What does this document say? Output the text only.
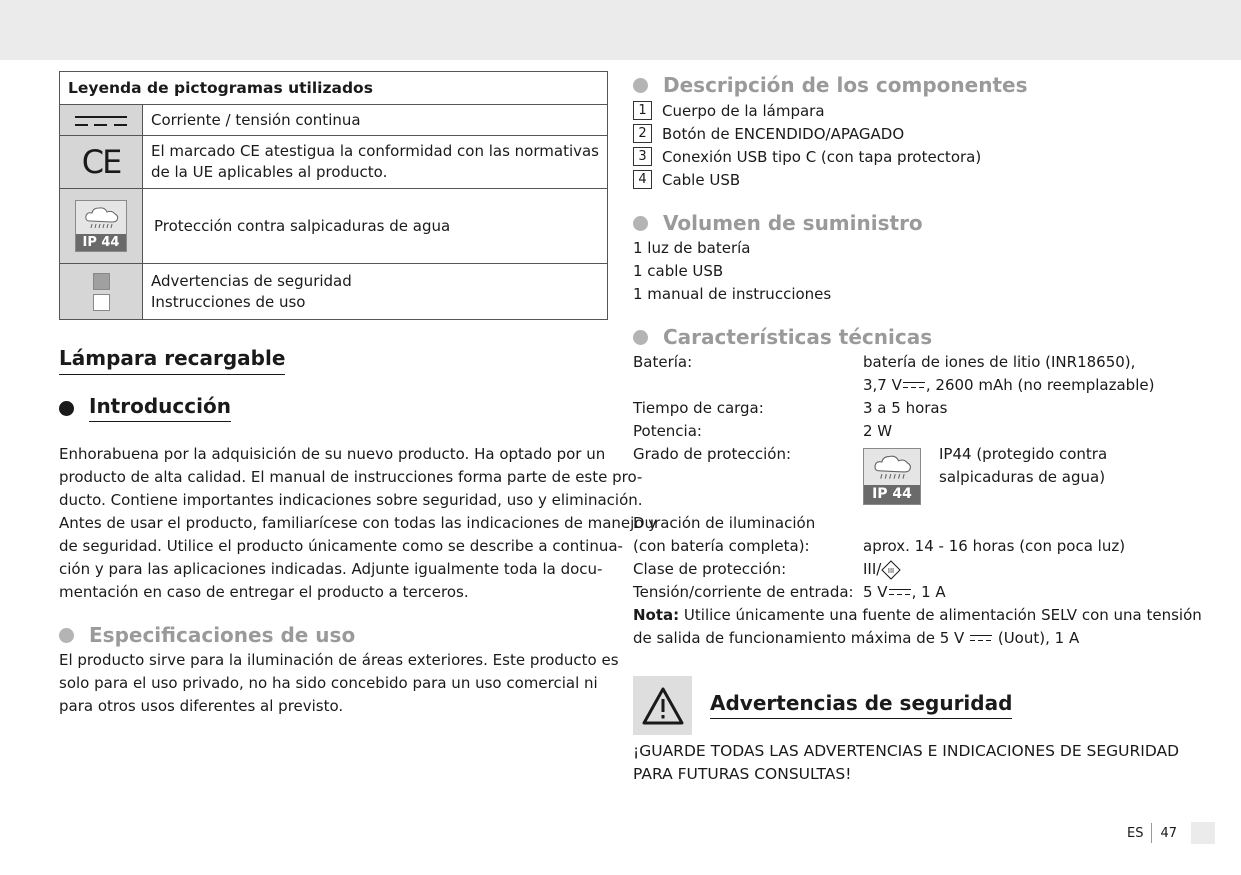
Leyenda de pictogramas utilizados	

	Corriente / tensión continua
CE	El marcado CE atestigua la conformidad con las normativas de la UE aplicables al producto.

IP 44	Protección contra salpicaduras de agua

	Advertencias de seguridad
Instrucciones de uso
Lámpara recargable
Introducción
Enhorabuena por la adquisición de su nuevo producto. Ha optado por un
producto de alta calidad. El manual de instrucciones forma parte de este pro-
ducto. Contiene importantes indicaciones sobre seguridad, uso y eliminación.
Antes de usar el producto, familiarícese con todas las indicaciones de manejo y
de seguridad. Utilice el producto únicamente como se describe a continua-
ción y para las aplicaciones indicadas. Adjunte igualmente toda la docu-
mentación en caso de entregar el producto a terceros.
Especificaciones de uso
El producto sirve para la iluminación de áreas exteriores. Este producto es
solo para el uso privado, no ha sido concebido para un uso comercial ni
para otros usos diferentes al previsto.
Descripción de los componentes
1	Cuerpo de la lámpara
2	Botón de ENCENDIDO/APAGADO
3	Conexión USB tipo C (con tapa protectora)
4	Cable USB
Volumen de suministro
1 luz de batería
1 cable USB
1 manual de instrucciones
Características técnicas
Batería:	batería de iones de litio (INR18650),
3,7 V , 2600 mAh (no reemplazable)
Tiempo de carga:	3 a 5 horas
Potencia:	2 W
Grado de protección:
IP 44
IP44 (protegido contra
salpicaduras de agua)
Duración de iluminación
(con batería completa):	aprox. 14 - 16 horas (con poca luz)
Clase de protección:	III/ III
Tensión/corriente de entrada: 5 V , 1 A
Nota: Utilice únicamente una fuente de alimentación SELV con una tensión
de salida de funcionamiento máxima de 5 V
(Uout), 1 A
Advertencias de seguridad
¡GUARDE TODAS LAS ADVERTENCIAS E INDICACIONES DE SEGURIDAD
PARA FUTURAS CONSULTAS!
ES 47
